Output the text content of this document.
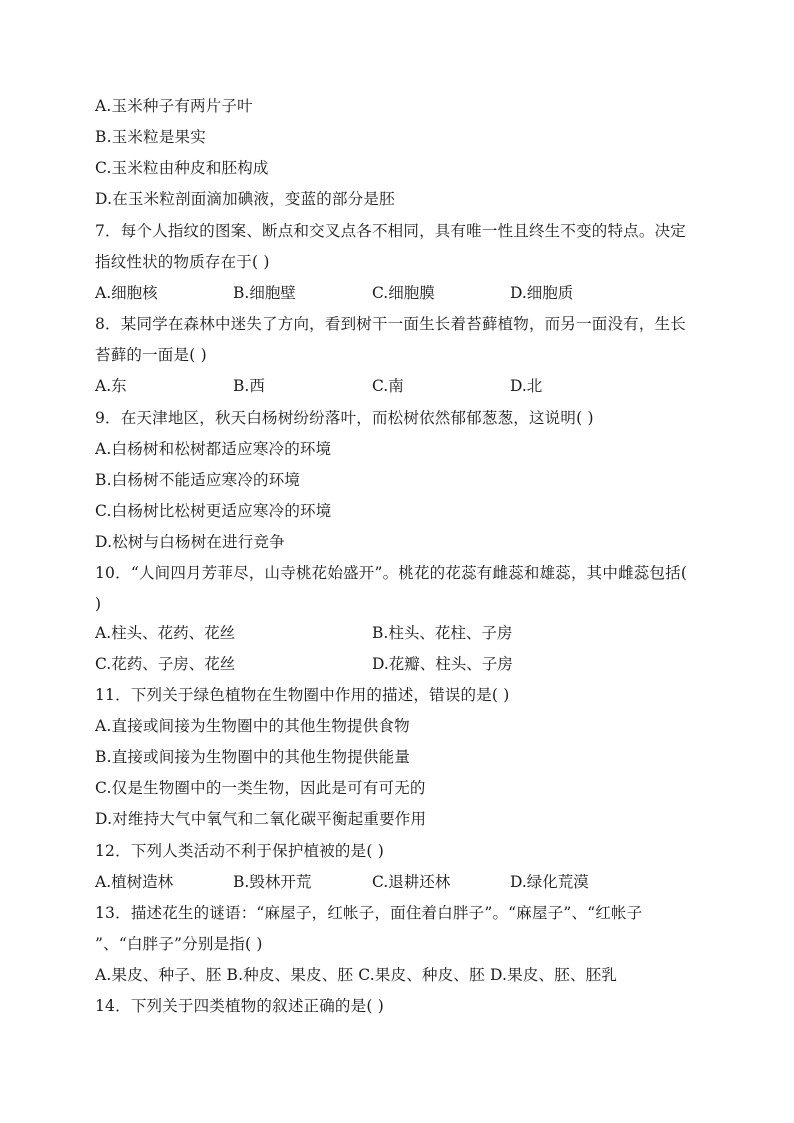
A.玉米种子有两片子叶
B.玉米粒是果实
C.玉米粒由种皮和胚构成
D.在玉米粒剖面滴加碘液，变蓝的部分是胚
7．每个人指纹的图案、断点和交叉点各不相同，具有唯一性且终生不变的特点。决定
指纹性状的物质存在于( )
A.细胞核	B.细胞壁	C.细胞膜	D.细胞质
8．某同学在森林中迷失了方向，看到树干一面生长着苔藓植物，而另一面没有，生长
苔藓的一面是( )
A.东	B.西	C.南	D.北
9．在天津地区，秋天白杨树纷纷落叶，而松树依然郁郁葱葱，这说明( )
A.白杨树和松树都适应寒冷的环境
B.白杨树不能适应寒冷的环境
C.白杨树比松树更适应寒冷的环境
D.松树与白杨树在进行竞争
10．“人间四月芳菲尽，山寺桃花始盛开”。桃花的花蕊有雌蕊和雄蕊，其中雌蕊包括(
)
A.柱头、花药、花丝	B.柱头、花柱、子房
C.花药、子房、花丝	D.花瓣、柱头、子房
11．下列关于绿色植物在生物圈中作用的描述，错误的是( )
A.直接或间接为生物圈中的其他生物提供食物
B.直接或间接为生物圈中的其他生物提供能量
C.仅是生物圈中的一类生物，因此是可有可无的
D.对维持大气中氧气和二氧化碳平衡起重要作用
12．下列人类活动不利于保护植被的是( )
A.植树造林	B.毁林开荒	C.退耕还林	D.绿化荒漠
13．描述花生的谜语：“麻屋子，红帐子，面住着白胖子”。“麻屋子”、“红帐子
”、“白胖子”分别是指( )
A.果皮、种子、胚 B.种皮、果皮、胚 C.果皮、种皮、胚 D.果皮、胚、胚乳
14．下列关于四类植物的叙述正确的是( )
